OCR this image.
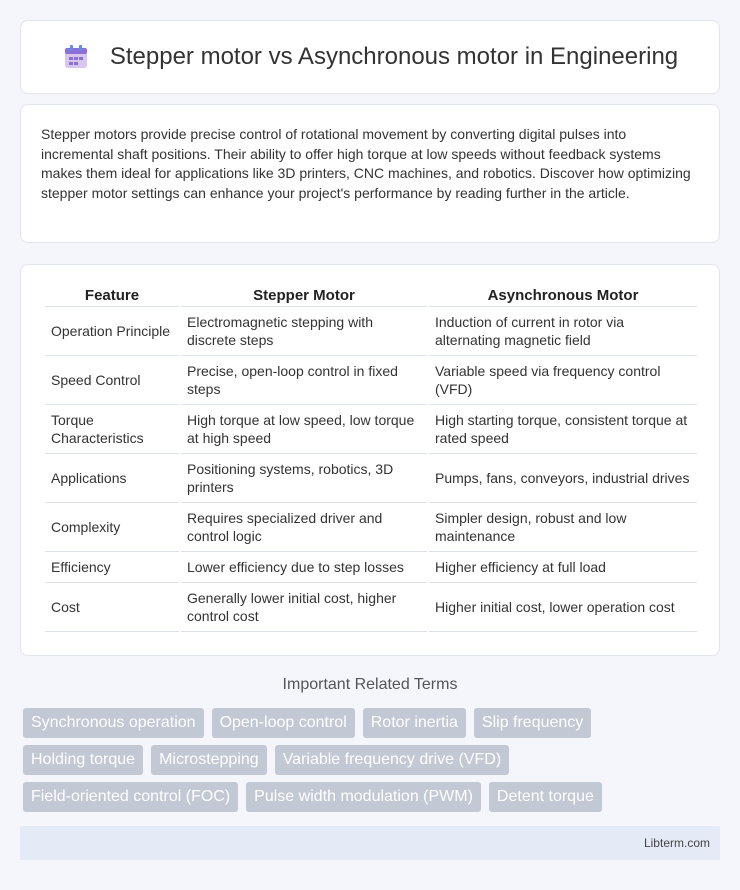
Stepper motor vs Asynchronous motor in Engineering

Stepper motors provide precise control of rotational movement by converting digital pulses into incremental shaft positions. Their ability to offer high torque at low speeds without feedback systems makes them ideal for applications like 3D printers, CNC machines, and robotics. Discover how optimizing stepper motor settings can enhance your project's performance by reading further in the article.

Feature	Stepper Motor	Asynchronous Motor
Operation Principle	Electromagnetic stepping with discrete steps	Induction of current in rotor via alternating magnetic field
Speed Control	Precise, open-loop control in fixed steps	Variable speed via frequency control (VFD)
Torque Characteristics	High torque at low speed, low torque at high speed	High starting torque, consistent torque at rated speed
Applications	Positioning systems, robotics, 3D printers	Pumps, fans, conveyors, industrial drives
Complexity	Requires specialized driver and control logic	Simpler design, robust and low maintenance
Efficiency	Lower efficiency due to step losses	Higher efficiency at full load
Cost	Generally lower initial cost, higher control cost	Higher initial cost, lower operation cost
Important Related Terms
Synchronous operation	Open-loop control	Rotor inertia	Slip frequency
Holding torque	Microstepping	Variable frequency drive (VFD)
Field-oriented control (FOC)	Pulse width modulation (PWM)	Detent torque
Libterm.com
